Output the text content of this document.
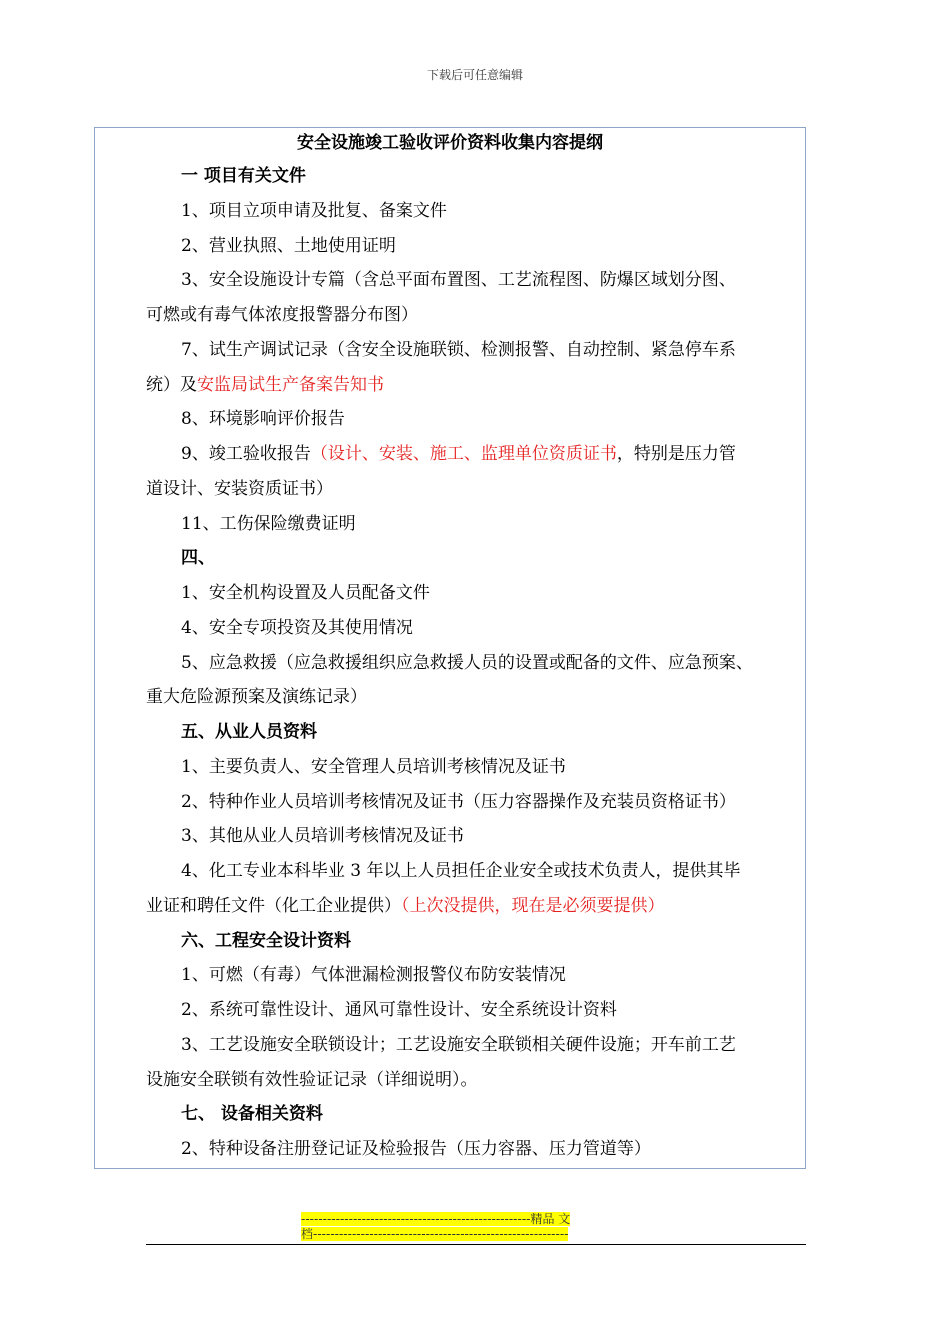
下载后可任意编辑
安全设施竣工验收评价资料收集内容提纲
一 项目有关文件
1、项目立项申请及批复、备案文件
2、营业执照、土地使用证明
3、安全设施设计专篇（含总平面布置图、工艺流程图、防爆区域划分图、
可燃或有毒气体浓度报警器分布图）
7、试生产调试记录（含安全设施联锁、检测报警、自动控制、紧急停车系
统）及安监局试生产备案告知书
8、环境影响评价报告
9、竣工验收报告（设计、安装、施工、监理单位资质证书，特别是压力管
道设计、安装资质证书）
11、工伤保险缴费证明
四、
1、安全机构设置及人员配备文件
4、安全专项投资及其使用情况
5、应急救援（应急救援组织应急救援人员的设置或配备的文件、应急预案、
重大危险源预案及演练记录）
五、从业人员资料
1、主要负责人、安全管理人员培训考核情况及证书
2、特种作业人员培训考核情况及证书（压力容器操作及充装员资格证书）
3、其他从业人员培训考核情况及证书
4、化工专业本科毕业 3 年以上人员担任企业安全或技术负责人，提供其毕
业证和聘任文件（化工企业提供）（上次没提供，现在是必须要提供）
六、工程安全设计资料
1、可燃（有毒）气体泄漏检测报警仪布防安装情况
2、系统可靠性设计、通风可靠性设计、安全系统设计资料
3、工艺设施安全联锁设计；工艺设施安全联锁相关硬件设施；开车前工艺
设施安全联锁有效性验证记录（详细说明）。
七、 设备相关资料
2、特种设备注册登记证及检验报告（压力容器、压力管道等）
-----------------------------------------------------精品 文
档-----------------------------------------------------------
